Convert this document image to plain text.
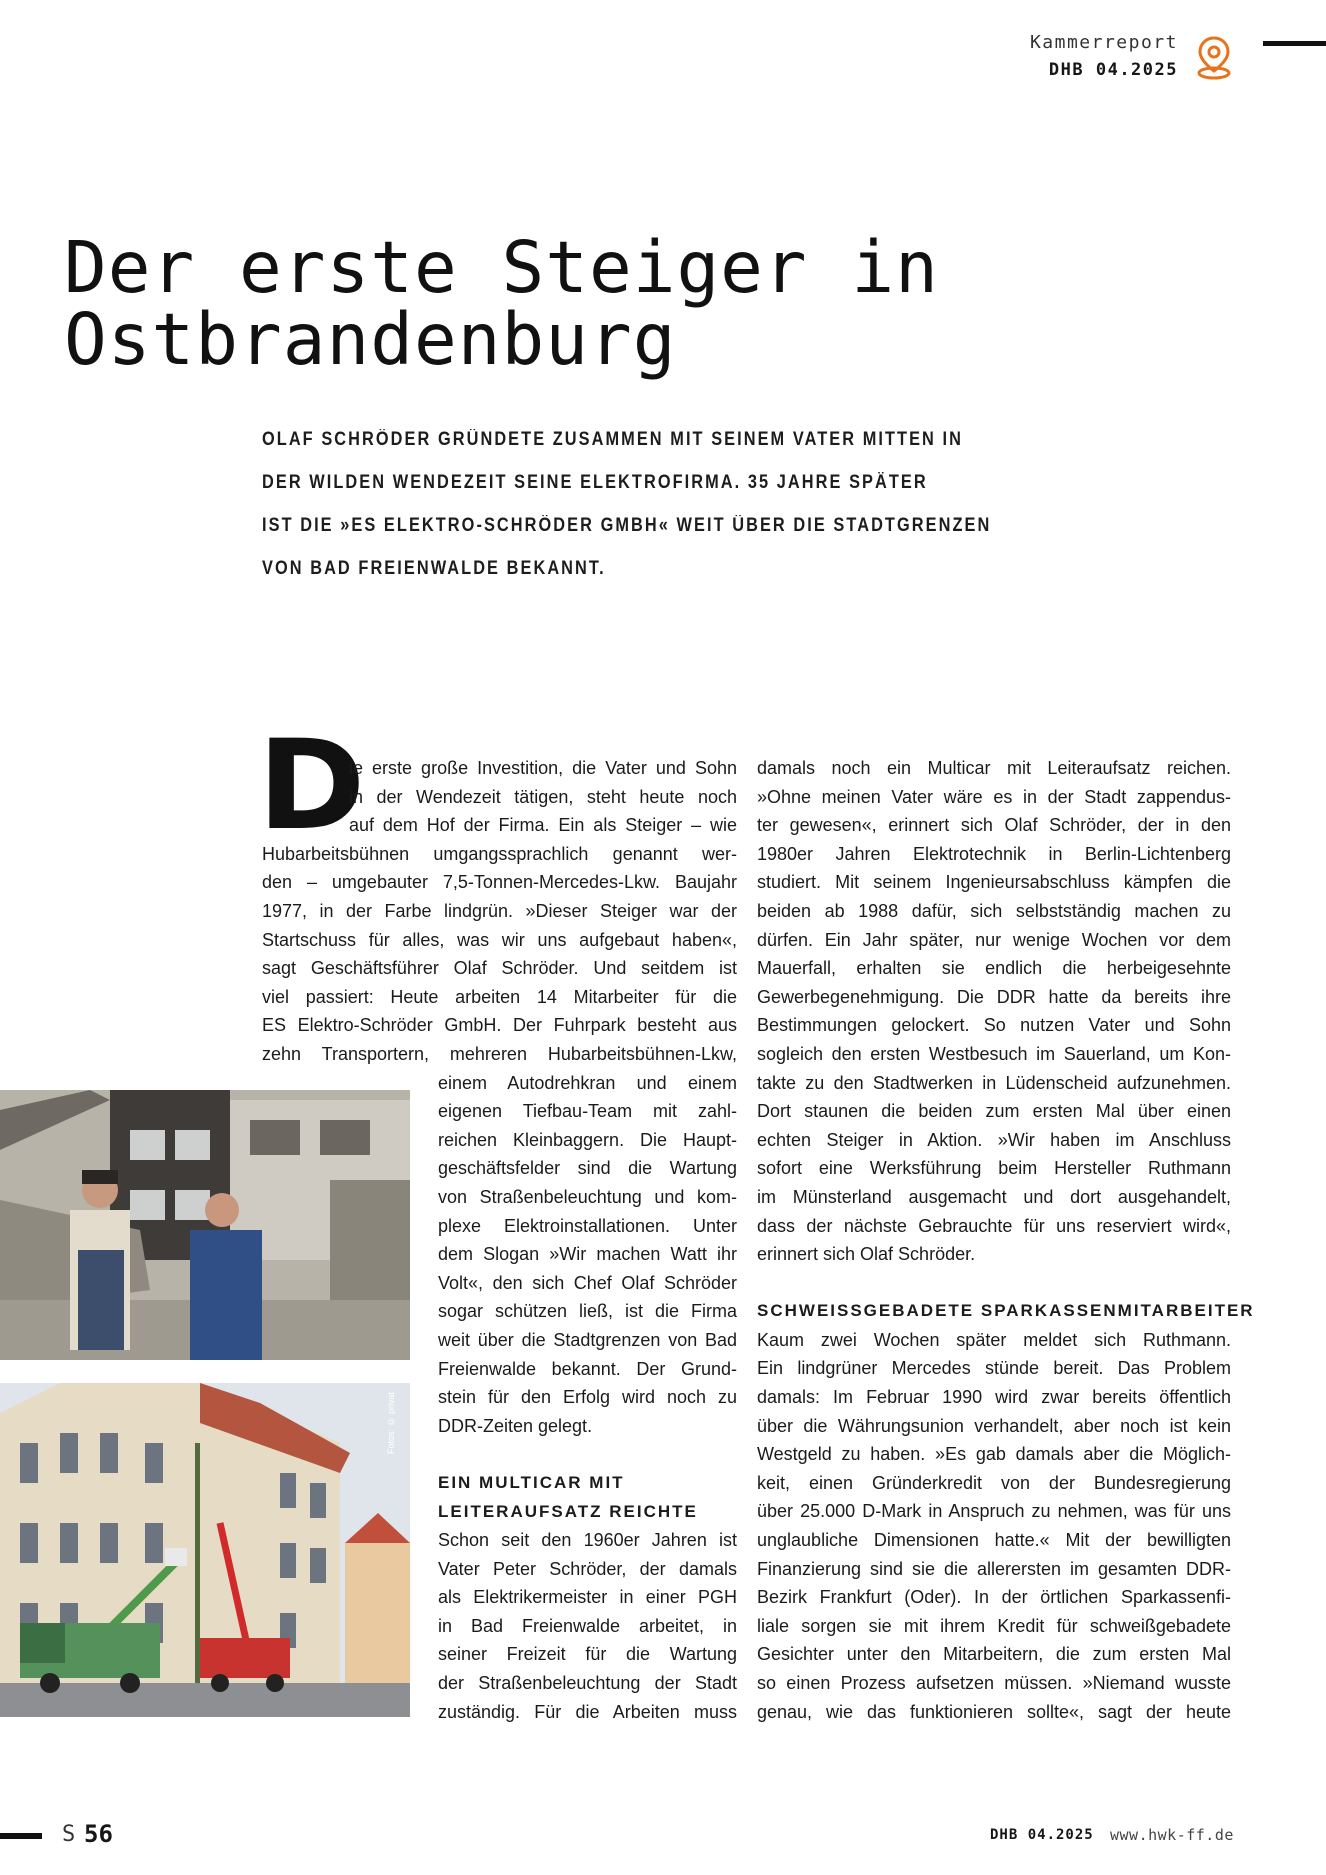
Kammerreport
DHB 04.2025
Der erste Steiger in
Ostbrandenburg
OLAF SCHRÖDER GRÜNDETE ZUSAMMEN MIT SEINEM VATER MITTEN IN
DER WILDEN WENDEZEIT SEINE ELEKTROFIRMA. 35 JAHRE SPÄTER
IST DIE »ES ELEKTRO-SCHRÖDER GMBH« WEIT ÜBER DIE STADTGRENZEN
VON BAD FREIENWALDE BEKANNT.
D
ie erste große Investition, die Vater und Sohn
in der Wendezeit tätigen, steht heute noch
auf dem Hof der Firma. Ein als Steiger – wie
Hubarbeitsbühnen umgangssprachlich genannt wer-
den – umgebauter 7,5-Tonnen-Mercedes-Lkw. Baujahr
1977, in der Farbe lindgrün. »Dieser Steiger war der
Startschuss für alles, was wir uns aufgebaut haben«,
sagt Geschäftsführer Olaf Schröder. Und seitdem ist
viel passiert: Heute arbeiten 14 Mitarbeiter für die
ES Elektro-Schröder GmbH. Der Fuhrpark besteht aus
zehn Transportern, mehreren Hubarbeitsbühnen-Lkw,
einem Autodrehkran und einem
eigenen Tiefbau-Team mit zahl-
reichen Kleinbaggern. Die Haupt-
geschäftsfelder sind die Wartung
von Straßenbeleuchtung und kom-
plexe Elektroinstallationen. Unter
dem Slogan »Wir machen Watt ihr
Volt«, den sich Chef Olaf Schröder
sogar schützen ließ, ist die Firma
weit über die Stadtgrenzen von Bad
Freienwalde bekannt. Der Grund-
stein für den Erfolg wird noch zu
DDR-Zeiten gelegt.
EIN MULTICAR MIT
LEITERAUFSATZ REICHTE
Schon seit den 1960er Jahren ist
Vater Peter Schröder, der damals
als Elektrikermeister in einer PGH
in Bad Freienwalde arbeitet, in
seiner Freizeit für die Wartung
der Straßenbeleuchtung der Stadt
zuständig. Für die Arbeiten muss
damals noch ein Multicar mit Leiteraufsatz reichen.
»Ohne meinen Vater wäre es in der Stadt zappendus-
ter gewesen«, erinnert sich Olaf Schröder, der in den
1980er Jahren Elektrotechnik in Berlin-Lichtenberg
studiert. Mit seinem Ingenieursabschluss kämpfen die
beiden ab 1988 dafür, sich selbstständig machen zu
dürfen. Ein Jahr später, nur wenige Wochen vor dem
Mauerfall, erhalten sie endlich die herbeigesehnte
Gewerbegenehmigung. Die DDR hatte da bereits ihre
Bestimmungen gelockert. So nutzen Vater und Sohn
sogleich den ersten Westbesuch im Sauerland, um Kon-
takte zu den Stadtwerken in Lüdenscheid aufzunehmen.
Dort staunen die beiden zum ersten Mal über einen
echten Steiger in Aktion. »Wir haben im Anschluss
sofort eine Werksführung beim Hersteller Ruthmann
im Münsterland ausgemacht und dort ausgehandelt,
dass der nächste Gebrauchte für uns reserviert wird«,
erinnert sich Olaf Schröder.
SCHWEISSGEBADETE SPARKASSENMITARBEITER
Kaum zwei Wochen später meldet sich Ruthmann.
Ein lindgrüner Mercedes stünde bereit. Das Problem
damals: Im Februar 1990 wird zwar bereits öffentlich
über die Währungsunion verhandelt, aber noch ist kein
Westgeld zu haben. »Es gab damals aber die Möglich-
keit, einen Gründerkredit von der Bundesregierung
über 25.000 D-Mark in Anspruch zu nehmen, was für uns
unglaubliche Dimensionen hatte.« Mit der bewilligten
Finanzierung sind sie die allerersten im gesamten DDR-
Bezirk Frankfurt (Oder). In der örtlichen Sparkassenfi-
liale sorgen sie mit ihrem Kredit für schweißgebadete
Gesichter unter den Mitarbeitern, die zum ersten Mal
so einen Prozess aufsetzen müssen. »Niemand wusste
genau, wie das funktionieren sollte«, sagt der heute
Fotos: © privat
S 56	DHB 04.2025 www.hwk-ff.de
